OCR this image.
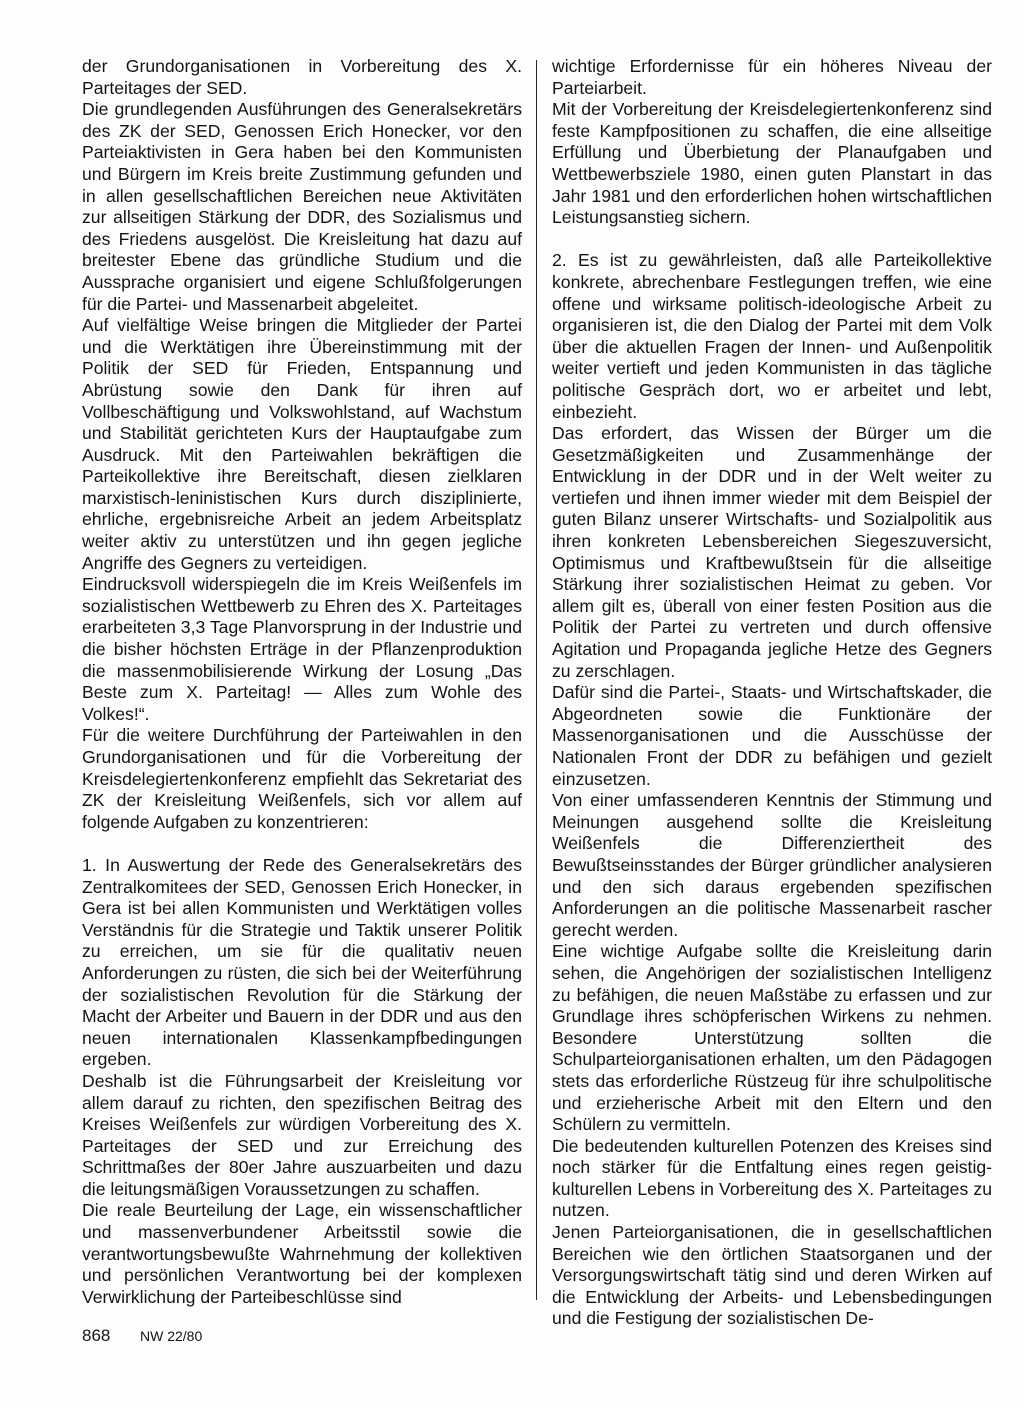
der Grundorganisationen in Vorbereitung des X. Parteitages der SED.

Die grundlegenden Ausführungen des Generalsekretärs des ZK der SED, Genossen Erich Honecker, vor den Parteiaktivisten in Gera haben bei den Kommunisten und Bürgern im Kreis breite Zustimmung gefunden und in allen gesellschaftlichen Bereichen neue Aktivitäten zur allseitigen Stärkung der DDR, des Sozialismus und des Friedens ausgelöst. Die Kreisleitung hat dazu auf breitester Ebene das gründliche Studium und die Aussprache organisiert und eigene Schlußfolgerungen für die Partei- und Massenarbeit abgeleitet.

Auf vielfältige Weise bringen die Mitglieder der Partei und die Werktätigen ihre Übereinstimmung mit der Politik der SED für Frieden, Entspannung und Abrüstung sowie den Dank für ihren auf Vollbeschäftigung und Volkswohlstand, auf Wachstum und Stabilität gerichteten Kurs der Hauptaufgabe zum Ausdruck. Mit den Parteiwahlen bekräftigen die Parteikollektive ihre Bereitschaft, diesen zielklaren marxistisch-leninistischen Kurs durch disziplinierte, ehrliche, ergebnisreiche Arbeit an jedem Arbeitsplatz weiter aktiv zu unterstützen und ihn gegen jegliche Angriffe des Gegners zu verteidigen.

Eindrucksvoll widerspiegeln die im Kreis Weißenfels im sozialistischen Wettbewerb zu Ehren des X. Parteitages erarbeiteten 3,3 Tage Planvorsprung in der Industrie und die bisher höchsten Erträge in der Pflanzenproduktion die massenmobilisierende Wirkung der Losung „Das Beste zum X. Parteitag! — Alles zum Wohle des Volkes!“.

Für die weitere Durchführung der Parteiwahlen in den Grundorganisationen und für die Vorbereitung der Kreisdelegiertenkonferenz empfiehlt das Sekretariat des ZK der Kreisleitung Weißenfels, sich vor allem auf folgende Aufgaben zu konzentrieren:

1. In Auswertung der Rede des Generalsekretärs des Zentralkomitees der SED, Genossen Erich Honecker, in Gera ist bei allen Kommunisten und Werktätigen volles Verständnis für die Strategie und Taktik unserer Politik zu erreichen, um sie für die qualitativ neuen Anforderungen zu rüsten, die sich bei der Weiterführung der sozialistischen Revolution für die Stärkung der Macht der Arbeiter und Bauern in der DDR und aus den neuen internationalen Klassenkampfbedingungen ergeben.

Deshalb ist die Führungsarbeit der Kreisleitung vor allem darauf zu richten, den spezifischen Beitrag des Kreises Weißenfels zur würdigen Vorbereitung des X. Parteitages der SED und zur Erreichung des Schrittmaßes der 80er Jahre auszuarbeiten und dazu die leitungsmäßigen Voraussetzungen zu schaffen.

Die reale Beurteilung der Lage, ein wissenschaftlicher und massenverbundener Arbeitsstil sowie die verantwortungsbewußte Wahrnehmung der kollektiven und persönlichen Verantwortung bei der komplexen Verwirklichung der Parteibeschlüsse sind

wichtige Erfordernisse für ein höheres Niveau der Parteiarbeit.

Mit der Vorbereitung der Kreisdelegiertenkonferenz sind feste Kampfpositionen zu schaffen, die eine allseitige Erfüllung und Überbietung der Planaufgaben und Wettbewerbsziele 1980, einen guten Planstart in das Jahr 1981 und den erforderlichen hohen wirtschaftlichen Leistungsanstieg sichern.

2. Es ist zu gewährleisten, daß alle Parteikollektive konkrete, abrechenbare Festlegungen treffen, wie eine offene und wirksame politisch-ideologische Arbeit zu organisieren ist, die den Dialog der Partei mit dem Volk über die aktuellen Fragen der Innen- und Außenpolitik weiter vertieft und jeden Kommunisten in das tägliche politische Gespräch dort, wo er arbeitet und lebt, einbezieht.

Das erfordert, das Wissen der Bürger um die Gesetzmäßigkeiten und Zusammenhänge der Entwicklung in der DDR und in der Welt weiter zu vertiefen und ihnen immer wieder mit dem Beispiel der guten Bilanz unserer Wirtschafts- und Sozialpolitik aus ihren konkreten Lebensbereichen Siegeszuversicht, Optimismus und Kraftbewußtsein für die allseitige Stärkung ihrer sozialistischen Heimat zu geben. Vor allem gilt es, überall von einer festen Position aus die Politik der Partei zu vertreten und durch offensive Agitation und Propaganda jegliche Hetze des Gegners zu zerschlagen.

Dafür sind die Partei-, Staats- und Wirtschaftskader, die Abgeordneten sowie die Funktionäre der Massenorganisationen und die Ausschüsse der Nationalen Front der DDR zu befähigen und gezielt einzusetzen.

Von einer umfassenderen Kenntnis der Stimmung und Meinungen ausgehend sollte die Kreisleitung Weißenfels die Differenziertheit des Bewußtseinsstandes der Bürger gründlicher analysieren und den sich daraus ergebenden spezifischen Anforderungen an die politische Massenarbeit rascher gerecht werden.

Eine wichtige Aufgabe sollte die Kreisleitung darin sehen, die Angehörigen der sozialistischen Intelligenz zu befähigen, die neuen Maßstäbe zu erfassen und zur Grundlage ihres schöpferischen Wirkens zu nehmen. Besondere Unterstützung sollten die Schulparteiorganisationen erhalten, um den Pädagogen stets das erforderliche Rüstzeug für ihre schulpolitische und erzieherische Arbeit mit den Eltern und den Schülern zu vermitteln.

Die bedeutenden kulturellen Potenzen des Kreises sind noch stärker für die Entfaltung eines regen geistig-kulturellen Lebens in Vorbereitung des X. Parteitages zu nutzen.

Jenen Parteiorganisationen, die in gesellschaftlichen Bereichen wie den örtlichen Staatsorganen und der Versorgungswirtschaft tätig sind und deren Wirken auf die Entwicklung der Arbeits- und Lebensbedingungen und die Festigung der sozialistischen De-

868 NW 22/80
